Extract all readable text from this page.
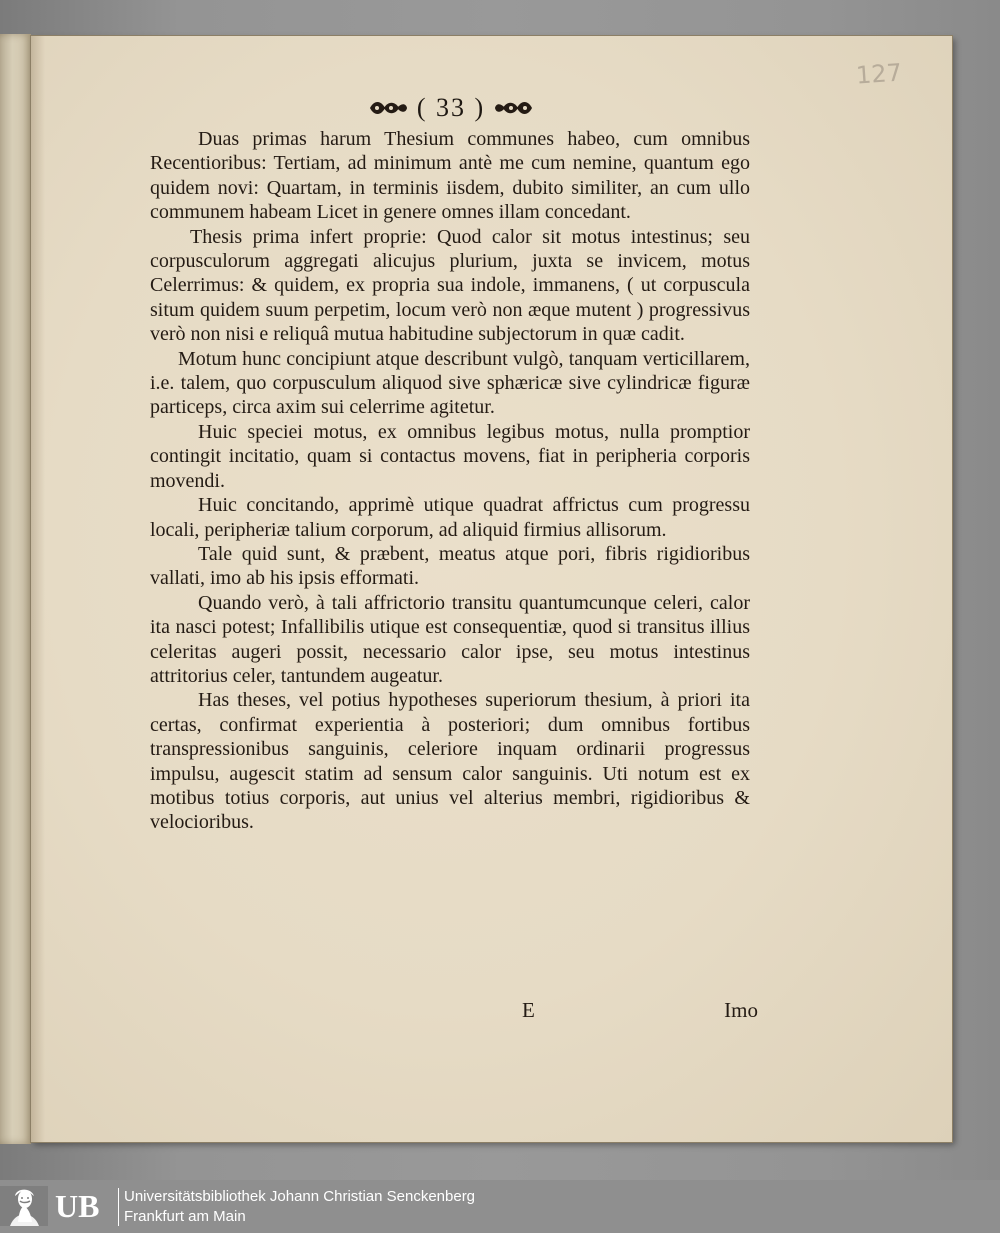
127
( 33 )

Duas primas harum Thesium communes habeo, cum omnibus Recentioribus: Tertiam, ad minimum antè me cum nemine, quantum ego quidem novi: Quartam, in terminis iisdem, dubito similiter, an cum ullo communem habeam Licet in genere omnes illam concedant.

Thesis prima infert proprie: Quod calor sit motus intestinus; seu corpusculorum aggregati alicujus plurium, juxta se invicem, motus Celerrimus: & quidem, ex propria sua indole, immanens, ( ut corpuscula situm quidem suum perpetim, locum verò non æque mutent ) progressivus verò non nisi e reliquâ mutua habitudine subjectorum in quæ cadit.

Motum hunc concipiunt atque describunt vulgò, tanquam verticillarem, i.e. talem, quo corpusculum aliquod sive sphæricæ sive cylindricæ figuræ particeps, circa axim sui celerrime agitetur.

Huic speciei motus, ex omnibus legibus motus, nulla promptior contingit incitatio, quam si contactus movens, fiat in peripheria corporis movendi.

Huic concitando, apprimè utique quadrat affrictus cum progressu locali, peripheriæ talium corporum, ad aliquid firmius allisorum.

Tale quid sunt, & præbent, meatus atque pori, fibris rigidioribus vallati, imo ab his ipsis efformati.

Quando verò, à tali affrictorio transitu quantumcunque celeri, calor ita nasci potest; Infallibilis utique est consequentiæ, quod si transitus illius celeritas augeri possit, necessario calor ipse, seu motus intestinus attritorius celer, tantundem augeatur.

Has theses, vel potius hypotheses superiorum thesium, à priori ita certas, confirmat experientia à posteriori; dum omnibus fortibus transpressionibus sanguinis, celeriore inquam ordinarii progressus impulsu, augescit statim ad sensum calor sanguinis. Uti notum est ex motibus totius corporis, aut unius vel alterius membri, rigidioribus & velocioribus.

E	Imo
UB Universitätsbibliothek Johann Christian Senckenberg
Frankfurt am Main
